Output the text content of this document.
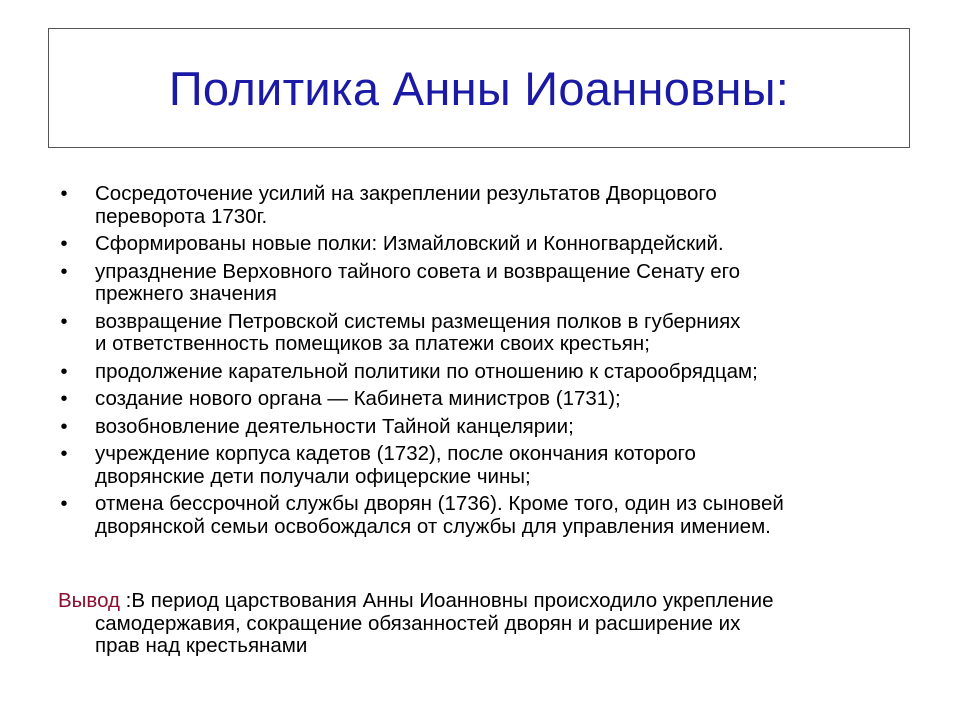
Политика Анны Иоанновны:
• Сосредоточение усилий на закреплении результатов Дворцового
переворота 1730г.
• Сформированы новые полки: Измайловский и Конногвардейский.
• упразднение Верховного тайного совета и возвращение Сенату его
прежнего значения
• возвращение Петровской системы размещения полков в губерниях
и ответственность помещиков за платежи своих крестьян;
• продолжение карательной политики по отношению к старообрядцам;
• создание нового органа — Кабинета министров (1731);
• возобновление деятельности Тайной канцелярии;
• учреждение корпуса кадетов (1732), после окончания которого
дворянские дети получали офицерские чины;
• отмена бессрочной службы дворян (1736). Кроме того, один из сыновей
дворянской семьи освобождался от службы для управления имением.
Вывод :В период царствования Анны Иоанновны происходило укрепление
самодержавия, сокращение обязанностей дворян и расширение их
прав над крестьянами
